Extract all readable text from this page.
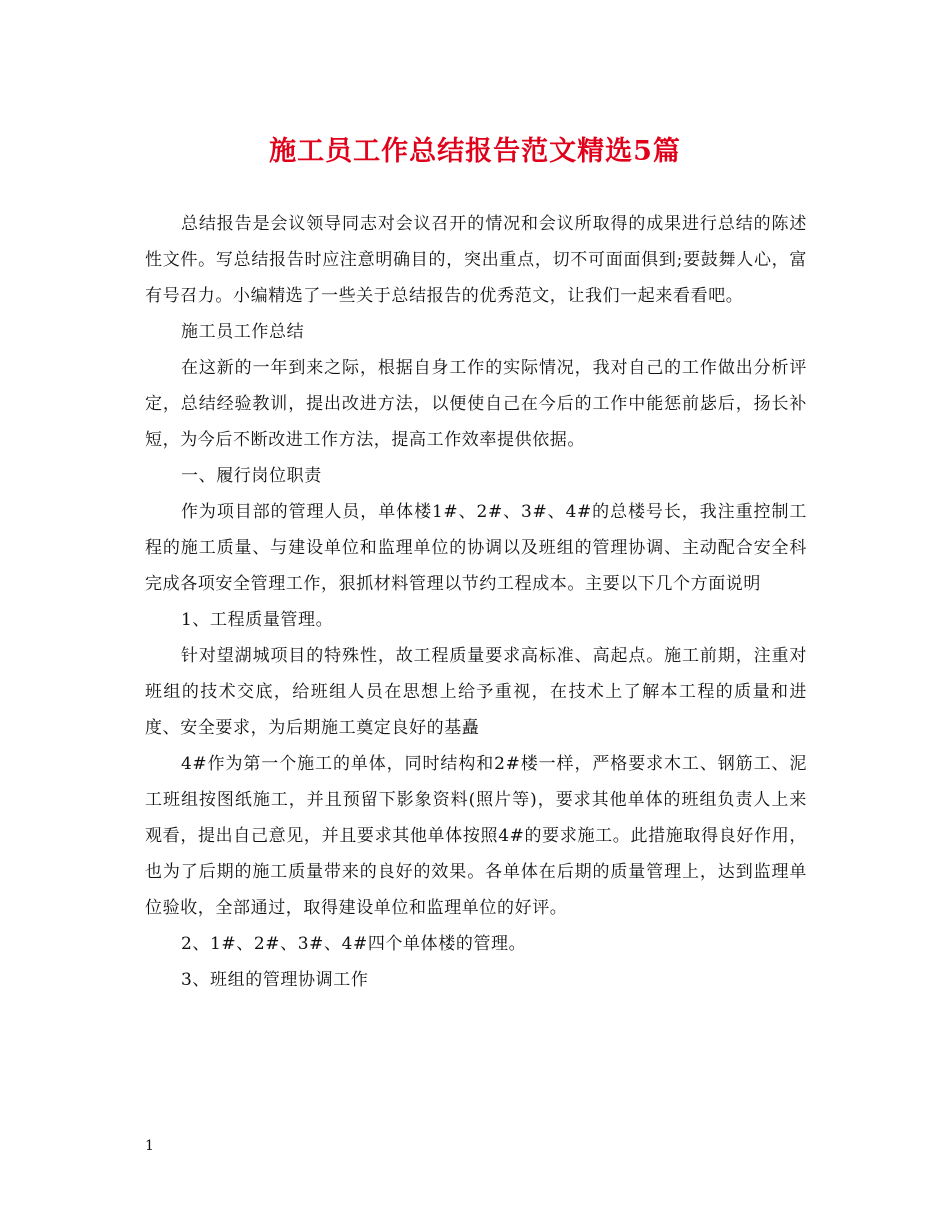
施工员工作总结报告范文精选5篇

总结报告是会议领导同志对会议召开的情况和会议所取得的成果进行总结的陈述性文件。写总结报告时应注意明确目的，突出重点，切不可面面俱到;要鼓舞人心，富有号召力。小编精选了一些关于总结报告的优秀范文，让我们一起来看看吧。

施工员工作总结

在这新的一年到来之际，根据自身工作的实际情况，我对自己的工作做出分析评定，总结经验教训，提出改进方法，以便使自己在今后的工作中能惩前毖后，扬长补短，为今后不断改进工作方法，提高工作效率提供依据。

一、履行岗位职责

作为项目部的管理人员，单体楼1#、2#、3#、4#的总楼号长，我注重控制工程的施工质量、与建设单位和监理单位的协调以及班组的管理协调、主动配合安全科完成各项安全管理工作，狠抓材料管理以节约工程成本。主要以下几个方面说明

1、工程质量管理。

针对望湖城项目的特殊性，故工程质量要求高标准、高起点。施工前期，注重对班组的技术交底，给班组人员在思想上给予重视，在技术上了解本工程的质量和进度、安全要求，为后期施工奠定良好的基矗

4#作为第一个施工的单体，同时结构和2#楼一样，严格要求木工、钢筋工、泥工班组按图纸施工，并且预留下影象资料(照片等)，要求其他单体的班组负责人上来观看，提出自己意见，并且要求其他单体按照4#的要求施工。此措施取得良好作用，也为了后期的施工质量带来的良好的效果。各单体在后期的质量管理上，达到监理单位验收，全部通过，取得建设单位和监理单位的好评。

2、1#、2#、3#、4#四个单体楼的管理。

3、班组的管理协调工作

1
